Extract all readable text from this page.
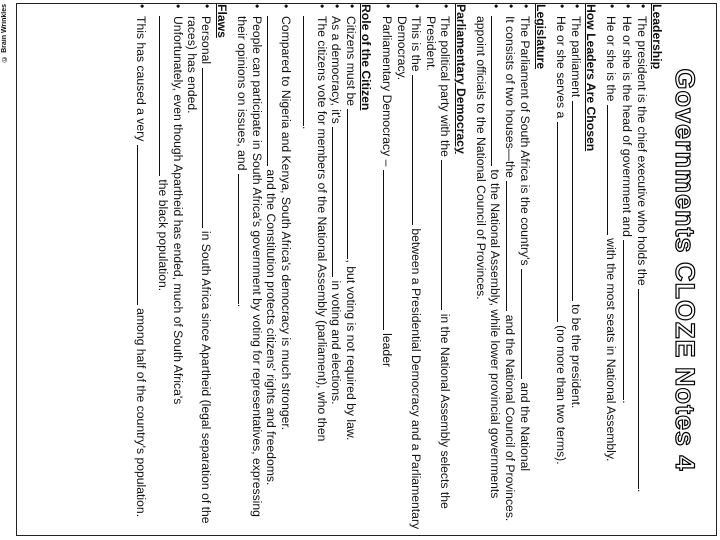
© Brain Wrinkles
Governments CLOZE Notes 4
Leadership
• The president is the chief executive who holds the .
• He or she is the head of government and .
• He or she is the  with the most seats in National Assembly.
How Leaders Are Chosen
• The parliament  to be the president.
• He or she serves a  (no more than two terms).
Legislature
• The Parliament of South Africa is the country's  and the National
• It consists of two houses—the  and the National Council of Provinces.
• to the National Assembly, while lower provincial governments appoint officials to the National Council of Provinces.
Parliamentary Democracy
• The political party with the  in the National Assembly selects the President.
• This is the  between a Presidential Democracy and a Parliamentary Democracy.
• Parliamentary Democracy –  leader
Role of the Citizen
• Citizens must be , but voting is not required by law.
• As a democracy, it's  in voting and elections.
• The citizens vote for members of the National Assembly (parliament), who then .
• Compared to Nigeria and Kenya, South Africa's democracy is much stronger.  and the Constitution protects citizens' rights and freedoms.
• People can participate in South Africa's government by voting for representatives, expressing their opinions on issues, and .
Flaws
• Personal  in South Africa since Apartheid (legal separation of the races) has ended.
• Unfortunately, even though Apartheid has ended, much of South Africa's  the black population.
• This has caused a very  among half of the country's population.
